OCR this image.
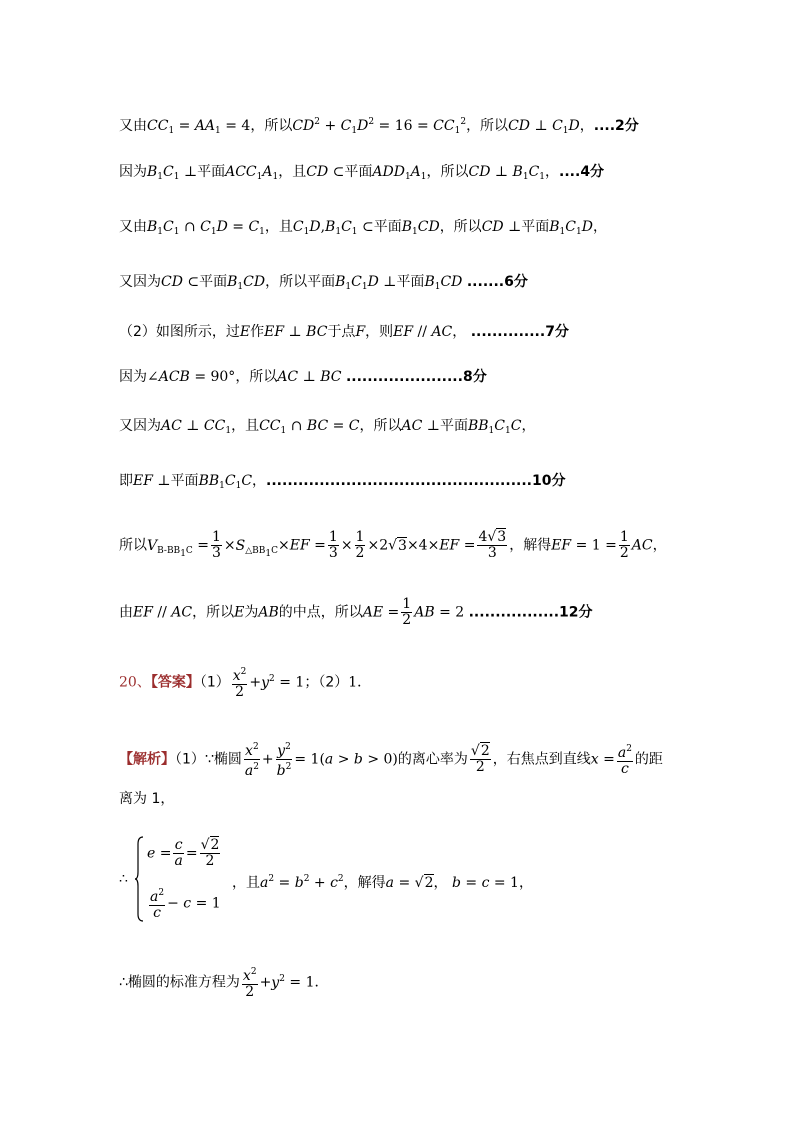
又由$CC_1 = AA_1 = 4$，所以$CD^2 + C_1D^2 = 16 = CC_1^2$，所以CD ⊥ $C_1D$，....2分
因为$B_1C_1$ ⊥平面$ACC_1A_1$，且CD ⊂平面$ADD_1A_1$，所以CD ⊥ $B_1C_1$，....4分
又由$B_1C_1$ ∩ $C_1D = C_1$，且$C_1D,B_1C_1$ ⊂平面$B_1CD$，所以CD ⊥平面$B_1C_1D$，
又因为CD ⊂平面$B_1CD$，所以平面$B_1C_1D$ ⊥平面$B_1CD$ .......6分
（2）如图所示，过E作EF ⊥ BC于点F，则EF // AC， ..............7分
因为∠ACB = 90°，所以AC ⊥ BC ......................8分
又因为AC ⊥ $CC_1$，且$CC_1$ ∩ BC = C，所以AC ⊥平面$BB_1C_1C$，
即EF ⊥平面$BB_1C_1C$，..................................................10分
所以$V_{B-BB_1C} = \frac{1}{3} \times S_{\triangle BB_1C}\times EF = \frac{1}{3} \times \frac{1}{2} \times 2√3\times 4\times EF = \frac{4√3}{3}$ ，解得EF = $1 = \frac{1}{2}$ AC，
由EF // AC，所以E为AB的中点，所以AE = $\frac{1}{2}$ AB = 2 .................12分
20、【答案】$(1) \frac{x^2}{2} +y^2 = 1$；（2）1．
【解析】（1）∵椭圆 $\frac{x^2}{a^2} + \frac{y^2}{b^2} = 1(a > b > 0)$的离心率为 $\frac{√2}{2}$ ，右焦点到直线$x = \frac{a^2}{c}$ 的距
离为 1，
∴
$e = \frac{c}{a} = \frac{√2}{2}$
$\frac{a^2}{c} - c = 1$
，且$a^2 = b^2 + c^2$，解得a = √2， b = c = 1，
∴椭圆的标准方程为 $\frac{x^2}{2} +y^2 = 1$．
